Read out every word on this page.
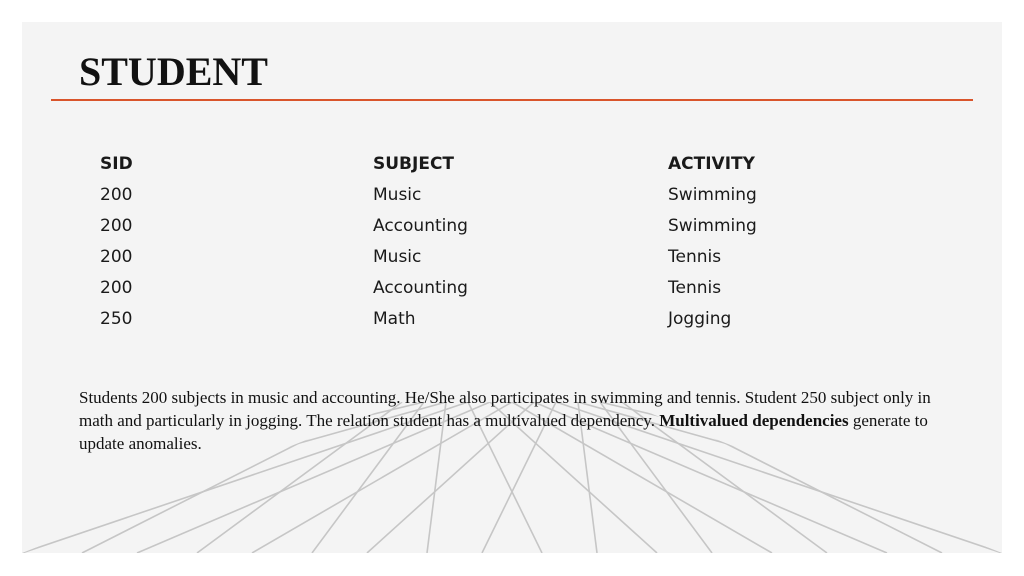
STUDENT
SID	SUBJECT	ACTIVITY
200	Music	Swimming
200	Accounting	Swimming
200	Music	Tennis
200	Accounting	Tennis
250	Math	Jogging

Students 200 subjects in music and accounting. He/She also participates in swimming and tennis. Student 250 subject only in math and particularly in jogging. The relation student has a multivalued dependency. Multivalued dependencies generate to update anomalies.
